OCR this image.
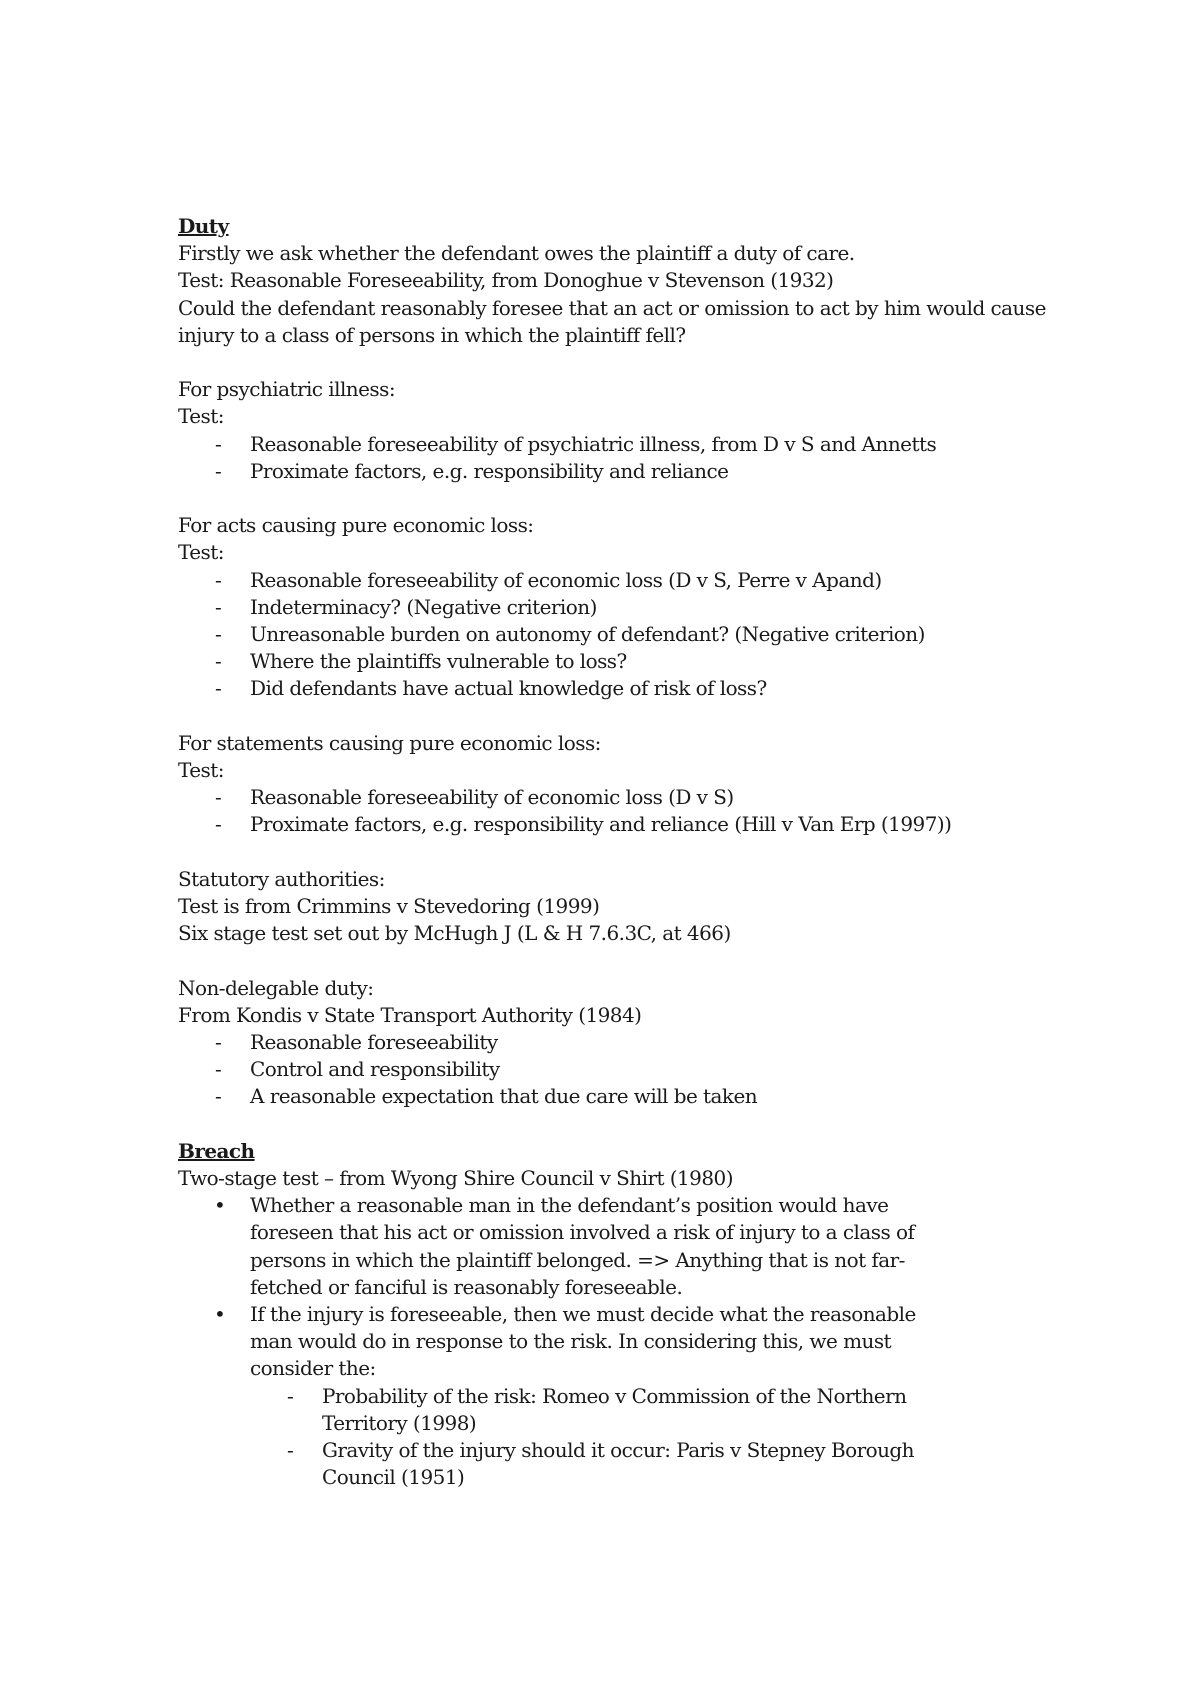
Duty
Firstly we ask whether the defendant owes the plaintiff a duty of care.
Test: Reasonable Foreseeability, from Donoghue v Stevenson (1932)
Could the defendant reasonably foresee that an act or omission to act by him would cause
injury to a class of persons in which the plaintiff fell?
For psychiatric illness:
Test:
- Reasonable foreseeability of psychiatric illness, from D v S and Annetts
- Proximate factors, e.g. responsibility and reliance
For acts causing pure economic loss:
Test:
- Reasonable foreseeability of economic loss (D v S, Perre v Apand)
- Indeterminacy? (Negative criterion)
- Unreasonable burden on autonomy of defendant? (Negative criterion)
- Where the plaintiffs vulnerable to loss?
- Did defendants have actual knowledge of risk of loss?
For statements causing pure economic loss:
Test:
- Reasonable foreseeability of economic loss (D v S)
- Proximate factors, e.g. responsibility and reliance (Hill v Van Erp (1997))
Statutory authorities:
Test is from Crimmins v Stevedoring (1999)
Six stage test set out by McHugh J (L & H 7.6.3C, at 466)
Non-delegable duty:
From Kondis v State Transport Authority (1984)
- Reasonable foreseeability
- Control and responsibility
- A reasonable expectation that due care will be taken
Breach
Two-stage test – from Wyong Shire Council v Shirt (1980)
• Whether a reasonable man in the defendant’s position would have foreseen that his act or omission involved a risk of injury to a class of persons in which the plaintiff belonged. => Anything that is not far-fetched or fanciful is reasonably foreseeable.
• If the injury is foreseeable, then we must decide what the reasonable man would do in response to the risk. In considering this, we must consider the:
- Probability of the risk: Romeo v Commission of the Northern Territory (1998)
- Gravity of the injury should it occur: Paris v Stepney Borough Council (1951)
